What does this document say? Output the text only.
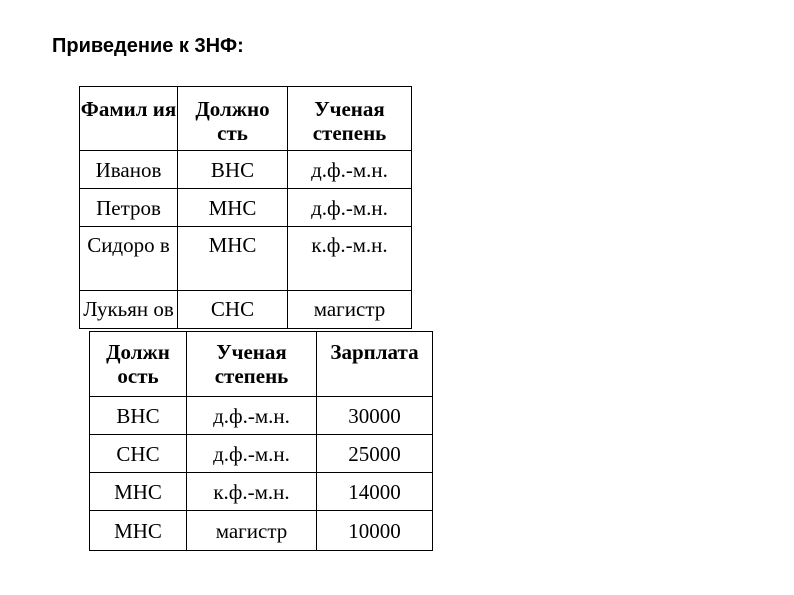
Приведение к 3НФ:
Фамил ия	Должно сть	Ученая степень
Иванов	ВНС	д.ф.-м.н.
Петров	МНС	д.ф.-м.н.
Сидоро в	МНС	к.ф.-м.н.
Лукьян ов	СНС	магистр
Должн ость	Ученая степень	Зарплата
ВНС	д.ф.-м.н.	30000
СНС	д.ф.-м.н.	25000
МНС	к.ф.-м.н.	14000
МНС	магистр	10000
